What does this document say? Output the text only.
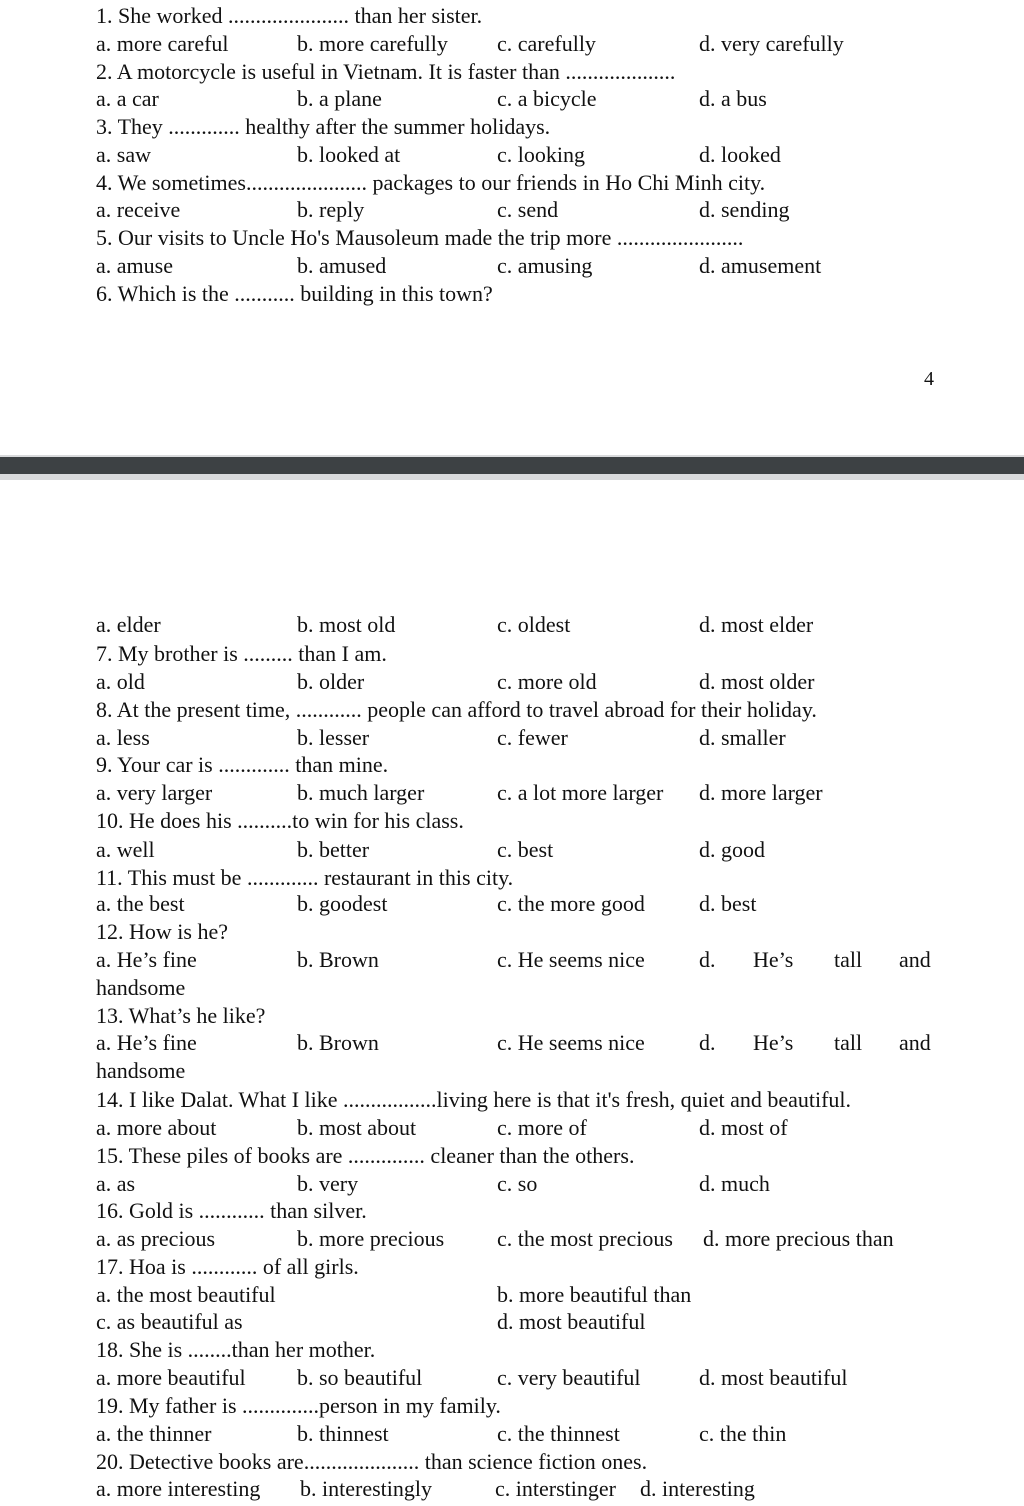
1. She worked ...................... than her sister.
a. more careful	b. more carefully c. carefully	d. very carefully
2. A motorcycle is useful in Vietnam. It is faster than ....................
a. a car	b. a plane	c. a bicycle	d. a bus
3. They ............. healthy after the summer holidays.
a. saw	b. looked at	c. looking	d. looked
4. We sometimes...................... packages to our friends in Ho Chi Minh city.
a. receive	b. reply	c. send	d. sending
5. Our visits to Uncle Ho's Mausoleum made the trip more .......................
a. amuse	b. amused	c. amusing	d. amusement
6. Which is the ........... building in this town?
4
a. elder	b. most old	c. oldest	d. most elder
7. My brother is ......... than I am.
a. old	b. older	c. more old	d. most older
8. At the present time, ............ people can afford to travel abroad for their holiday.
a. less	b. lesser	c. fewer	d. smaller
9. Your car is ............. than mine.
a. very larger	b. much larger	c. a lot more larger d. more larger
10. He does his ..........to win for his class.
a. well	b. better	c. best	d. good
11. This must be ............. restaurant in this city.
a. the best	b. goodest	c. the more good d. best
12. How is he?
a. He’s fine	b. Brown	c. He seems nice d. He’s tall and
handsome
13. What’s he like?
a. He’s fine	b. Brown	c. He seems nice d. He’s tall and
handsome
14. I like Dalat. What I like .................living here is that it's fresh, quiet and beautiful.
a. more about	b. most about	c. more of	d. most of
15. These piles of books are .............. cleaner than the others.
a. as	b. very	c. so	d. much
16. Gold is ............ than silver.
a. as precious	b. more precious c. the most precious d. more precious than
17. Hoa is ............ of all girls.
a. the most beautiful	b. more beautiful than
c. as beautiful as	d. most beautiful
18. She is ........than her mother.
a. more beautiful b. so beautiful	c. very beautiful	d. most beautiful
19. My father is ..............person in my family.
a. the thinner	b. thinnest	c. the thinnest	c. the thin
20. Detective books are..................... than science fiction ones.
a. more interesting b. interestingly	c. interstinger d. interesting
